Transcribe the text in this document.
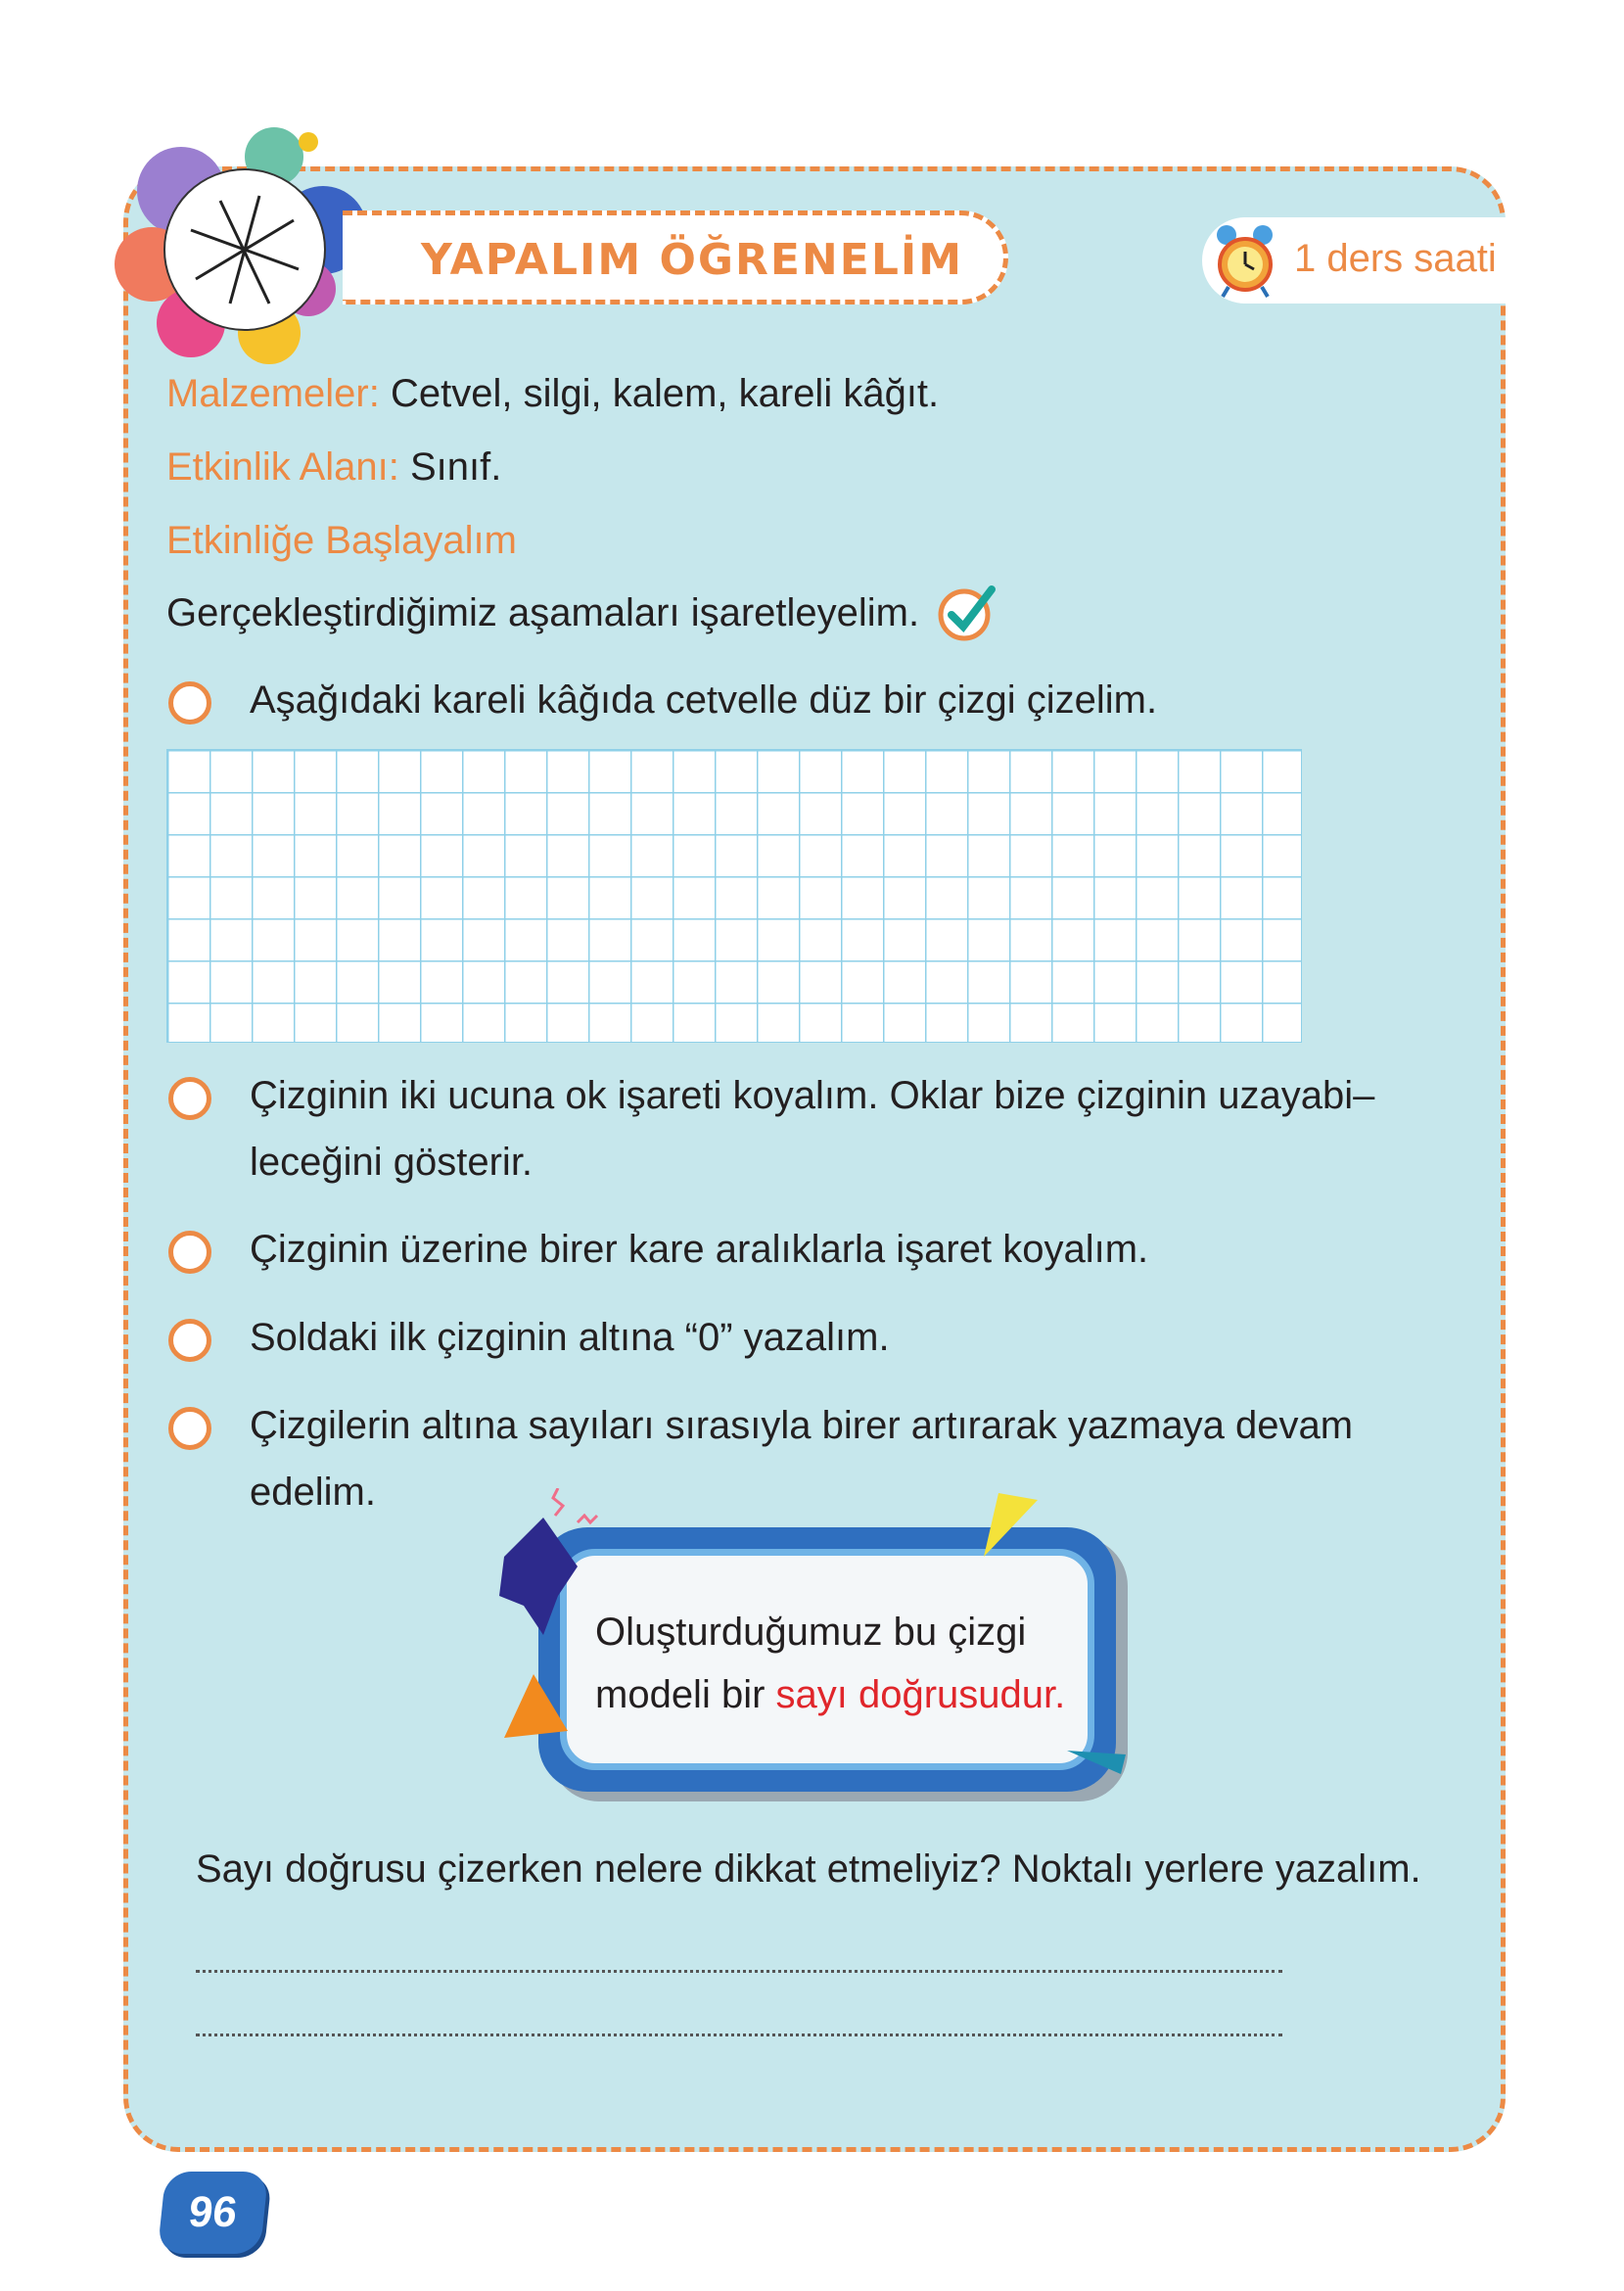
YAPALIM ÖĞRENELİM	1 ders saati
Malzemeler: Cetvel, silgi, kalem, kareli kâğıt.
Etkinlik Alanı: Sınıf.
Etkinliğe Başlayalım
Gerçekleştirdiğimiz aşamaları işaretleyelim.
Aşağıdaki kareli kâğıda cetvelle düz bir çizgi çizelim.
Çizginin iki ucuna ok işareti koyalım. Oklar bize çizginin uzayabi–
leceğini gösterir.
Çizginin üzerine birer kare aralıklarla işaret koyalım.
Soldaki ilk çizginin altına “0” yazalım.
Çizgilerin altına sayıları sırasıyla birer artırarak yazmaya devam
edelim.
Oluşturduğumuz bu çizgi
modeli bir sayı doğrusudur.
Sayı doğrusu çizerken nelere dikkat etmeliyiz? Noktalı yerlere yazalım.
96
